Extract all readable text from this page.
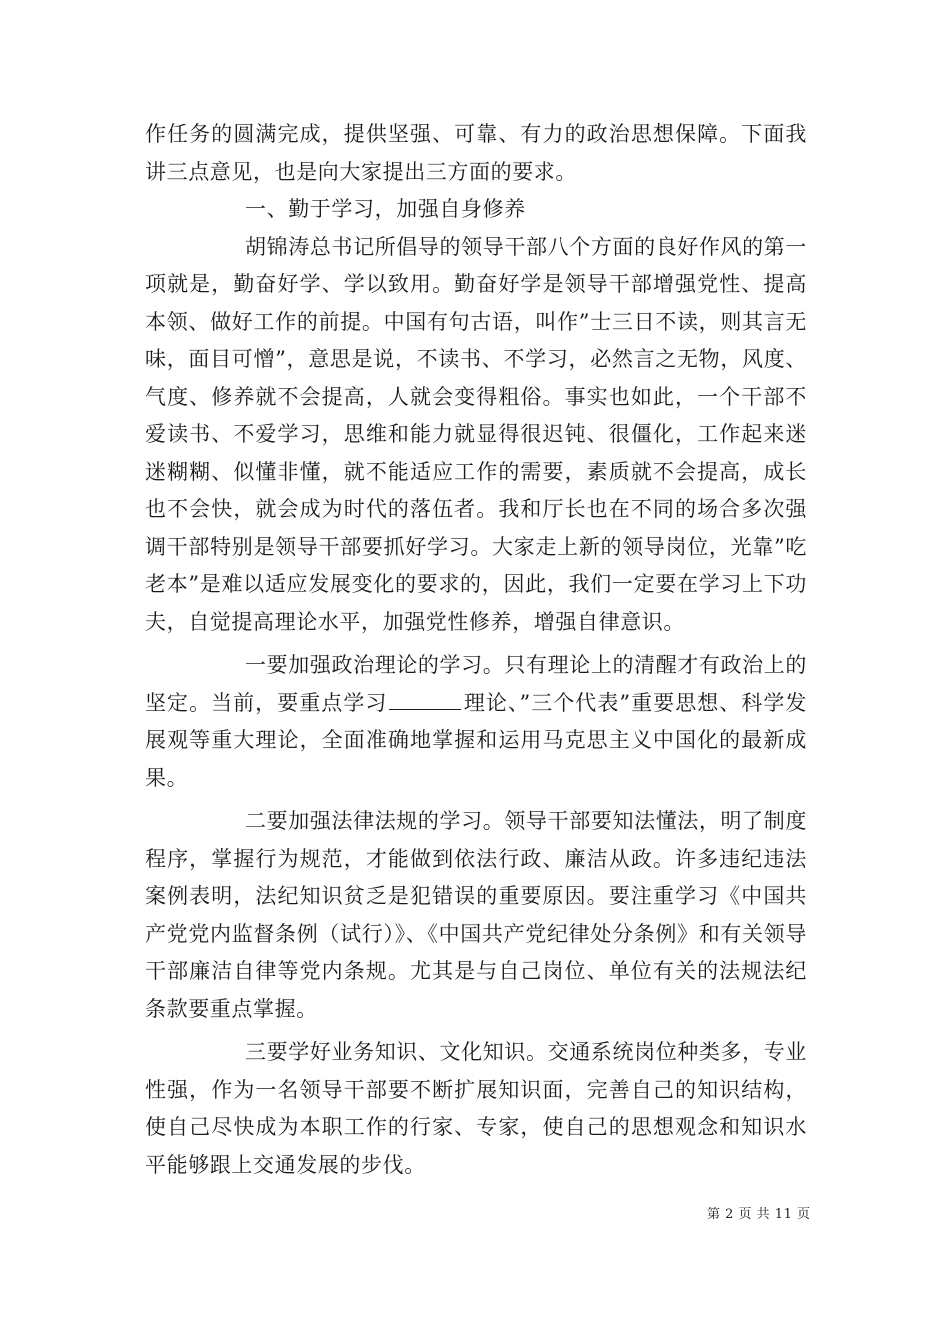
作任务的圆满完成，提供坚强、可靠、有力的政治思想保障。下面我讲三点意见，也是向大家提出三方面的要求。

一、勤于学习，加强自身修养

胡锦涛总书记所倡导的领导干部八个方面的良好作风的第一项就是，勤奋好学、学以致用。勤奋好学是领导干部增强党性、提高本领、做好工作的前提。中国有句古语，叫作”士三日不读，则其言无味，面目可憎”，意思是说，不读书、不学习，必然言之无物，风度、气度、修养就不会提高，人就会变得粗俗。事实也如此，一个干部不爱读书、不爱学习，思维和能力就显得很迟钝、很僵化，工作起来迷迷糊糊、似懂非懂，就不能适应工作的需要，素质就不会提高，成长也不会快，就会成为时代的落伍者。我和厅长也在不同的场合多次强调干部特别是领导干部要抓好学习。大家走上新的领导岗位，光靠”吃老本”是难以适应发展变化的要求的，因此，我们一定要在学习上下功夫，自觉提高理论水平，加强党性修养，增强自律意识。

一要加强政治理论的学习。只有理论上的清醒才有政治上的坚定。当前，要重点学习	理论、”三个代表”重要思想、科学发展观等重大理论，全面准确地掌握和运用马克思主义中国化的最新成果。

二要加强法律法规的学习。领导干部要知法懂法，明了制度程序，掌握行为规范，才能做到依法行政、廉洁从政。许多违纪违法案例表明，法纪知识贫乏是犯错误的重要原因。要注重学习《中国共产党党内监督条例（试行）》、《中国共产党纪律处分条例》和有关领导干部廉洁自律等党内条规。尤其是与自己岗位、单位有关的法规法纪条款要重点掌握。

三要学好业务知识、文化知识。交通系统岗位种类多，专业性强，作为一名领导干部要不断扩展知识面，完善自己的知识结构，使自己尽快成为本职工作的行家、专家，使自己的思想观念和知识水平能够跟上交通发展的步伐。

第 2 页 共 11 页
